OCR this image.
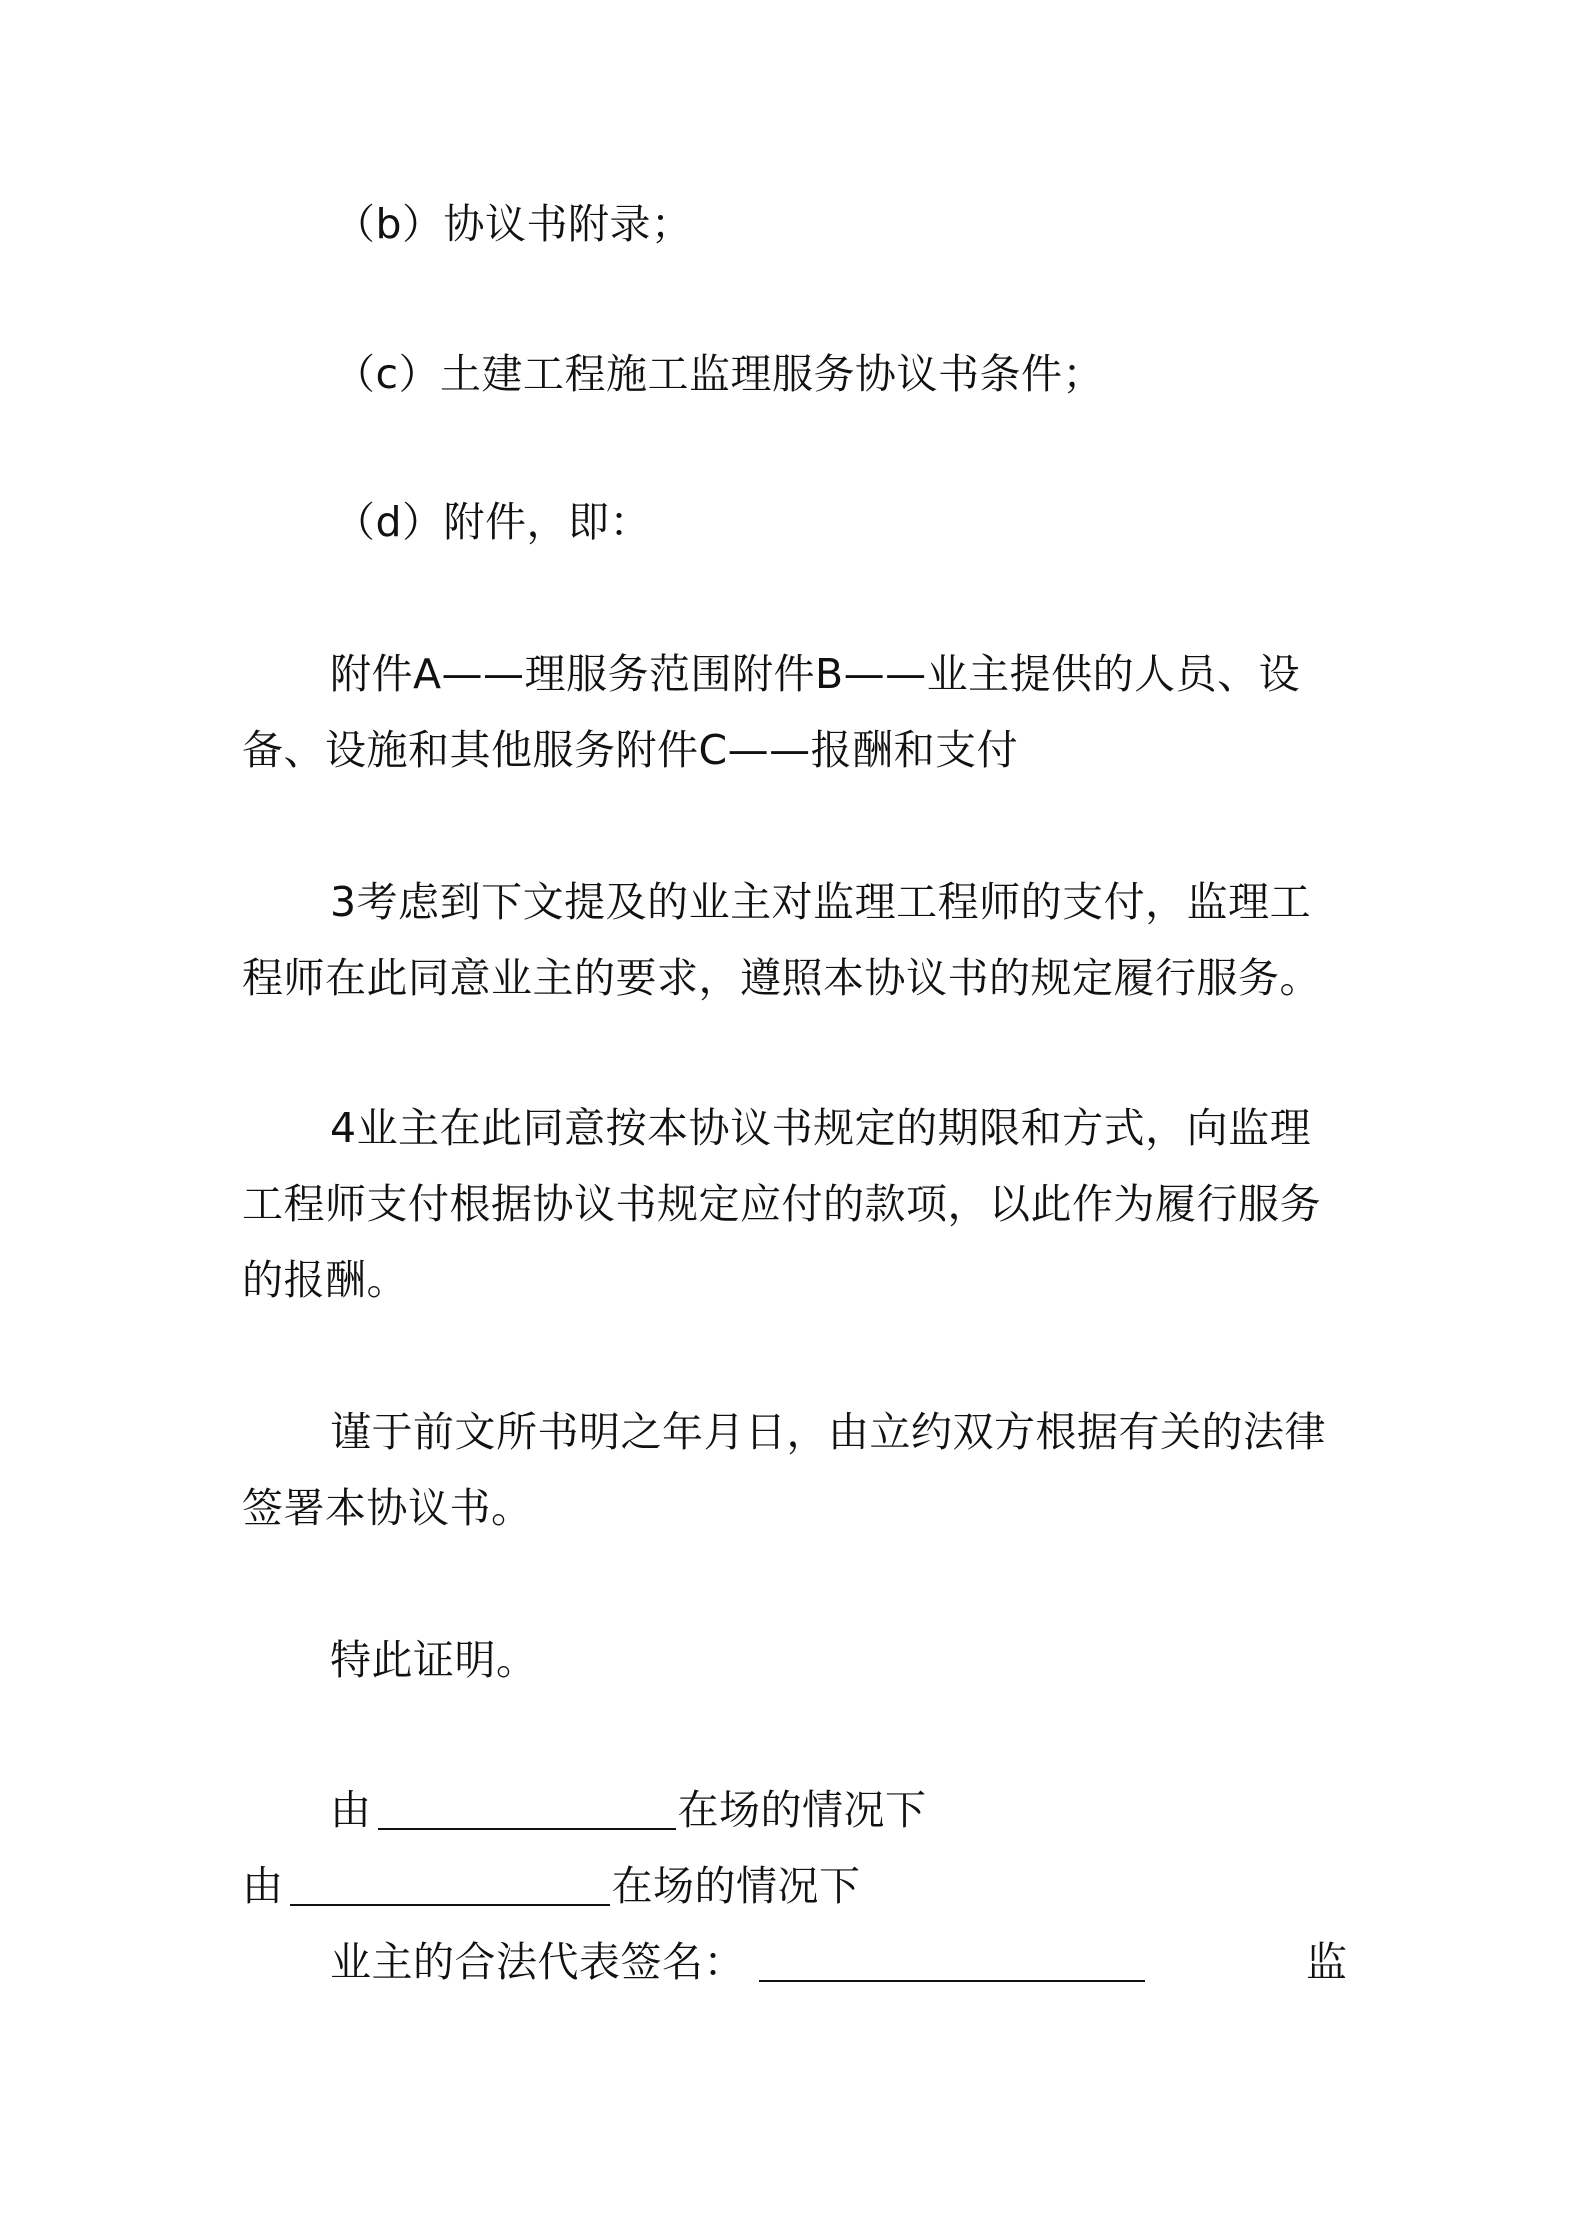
（b）协议书附录；
（c）土建工程施工监理服务协议书条件；
（d）附件，即：
附件A——理服务范围附件B——业主提供的人员、设
备、设施和其他服务附件C——报酬和支付
3考虑到下文提及的业主对监理工程师的支付，监理工
程师在此同意业主的要求，遵照本协议书的规定履行服务。
4业主在此同意按本协议书规定的期限和方式，向监理
工程师支付根据协议书规定应付的款项，以此作为履行服务
的报酬。
谨于前文所书明之年月日，由立约双方根据有关的法律
签署本协议书。
特此证明。
由	在场的情况下
由	在场的情况下
业主的合法代表签名：	监
